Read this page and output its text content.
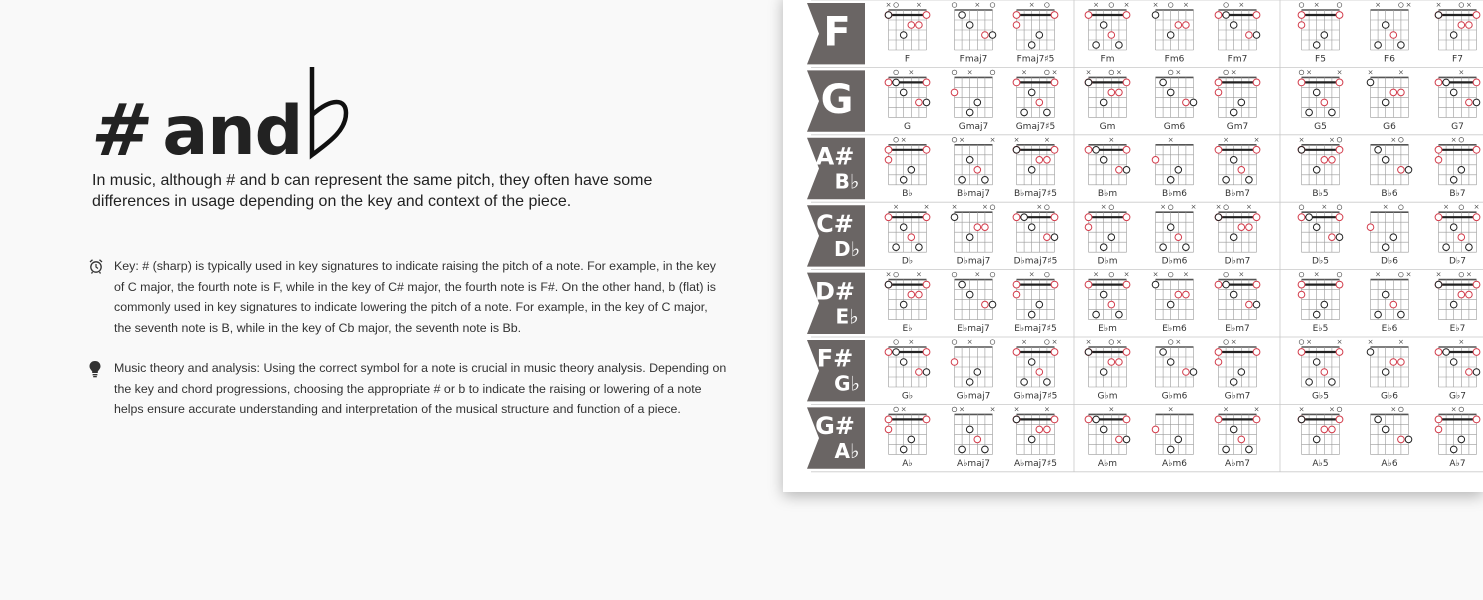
# and
In music, although # and b can represent the same pitch, they often have some differences in usage depending on the key and context of the piece.
Key: # (sharp) is typically used in key signatures to indicate raising the pitch of a note. For example, in the key of C major, the fourth note is F, while in the key of C# major, the fourth note is F#. On the other hand, b (flat) is commonly used in key signatures to indicate lowering the pitch of a note. For example, in the key of C major, the seventh note is B, while in the key of Cb major, the seventh note is Bb.
Music theory and analysis: Using the correct symbol for a note is crucial in music theory analysis. Depending on the key and chord progressions, choosing the appropriate # or b to indicate the raising or lowering of a note helps ensure accurate understanding and interpretation of the musical structure and function of a piece.
F
×	×
F
×
Fmaj7
×
Fmaj7♯5
×	×
Fm
×	×
Fm6
×
Fm7
×
F5
×	×
F6
×	×
F7
G
×
G
×
Gmaj7
×	×
Gmaj7♯5
×	×
Gm
×
Gm6
×
Gm7
×	×
G5
×	×
G6
×
G7
A#
B♭
×
B♭
×	×
B♭maj7
×	×
B♭maj7♯5
×
B♭m
×
B♭m6
×	×
B♭m7
×	×
B♭5
×
B♭6
×
B♭7
C#
D♭
×	×
D♭
×	×
D♭maj7
×
D♭maj7♯5
×
D♭m
×	×
D♭m6
×	×
D♭m7
×
D♭5
×
D♭6
×	×
D♭7
D#
E♭
×	×
E♭
×
E♭maj7
×
E♭maj7♯5
×	×
E♭m
×	×
E♭m6
×
E♭m7
×
E♭5
×	×
E♭6
×	×
E♭7
F#
G♭
×
G♭
×
G♭maj7
×	×
G♭maj7♯5
×	×
G♭m
×
G♭m6
×
G♭m7
×	×
G♭5
×	×
G♭6
×
G♭7
G#
A♭
×
A♭
×	×
A♭maj7
×	×
A♭maj7♯5
×
A♭m
×
A♭m6
×	×
A♭m7
×	×
A♭5
×
A♭6
×
A♭7
